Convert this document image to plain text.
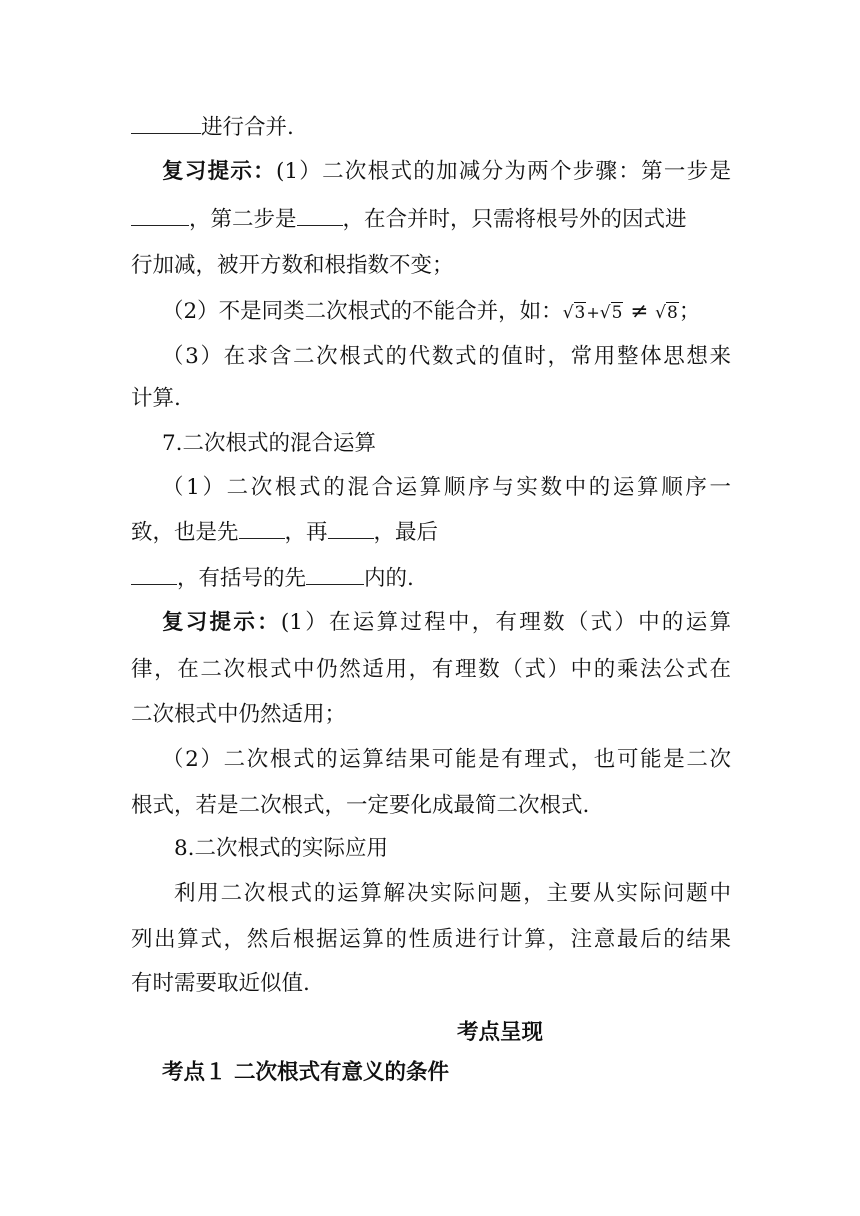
进行合并.
复习提示：(1）二次根式的加减分为两个步骤：第一步是
，第二步是 ，在合并时，只需将根号外的因式进
行加减，被开方数和根指数不变；
（2）不是同类二次根式的不能合并，如：√3+√5 ≠ √8；
（3）在求含二次根式的代数式的值时，常用整体思想来
计算.
7.二次根式的混合运算
（1）二次根式的混合运算顺序与实数中的运算顺序一
致，也是先 ，再 ，最后
，有括号的先	内的.
复习提示：(1）在运算过程中，有理数（式）中的运算
律，在二次根式中仍然适用，有理数（式）中的乘法公式在
二次根式中仍然适用；
（2）二次根式的运算结果可能是有理式，也可能是二次
根式，若是二次根式，一定要化成最简二次根式.
8.二次根式的实际应用
利用二次根式的运算解决实际问题，主要从实际问题中
列出算式，然后根据运算的性质进行计算，注意最后的结果
有时需要取近似值.
考点呈现
考点１ 二次根式有意义的条件
